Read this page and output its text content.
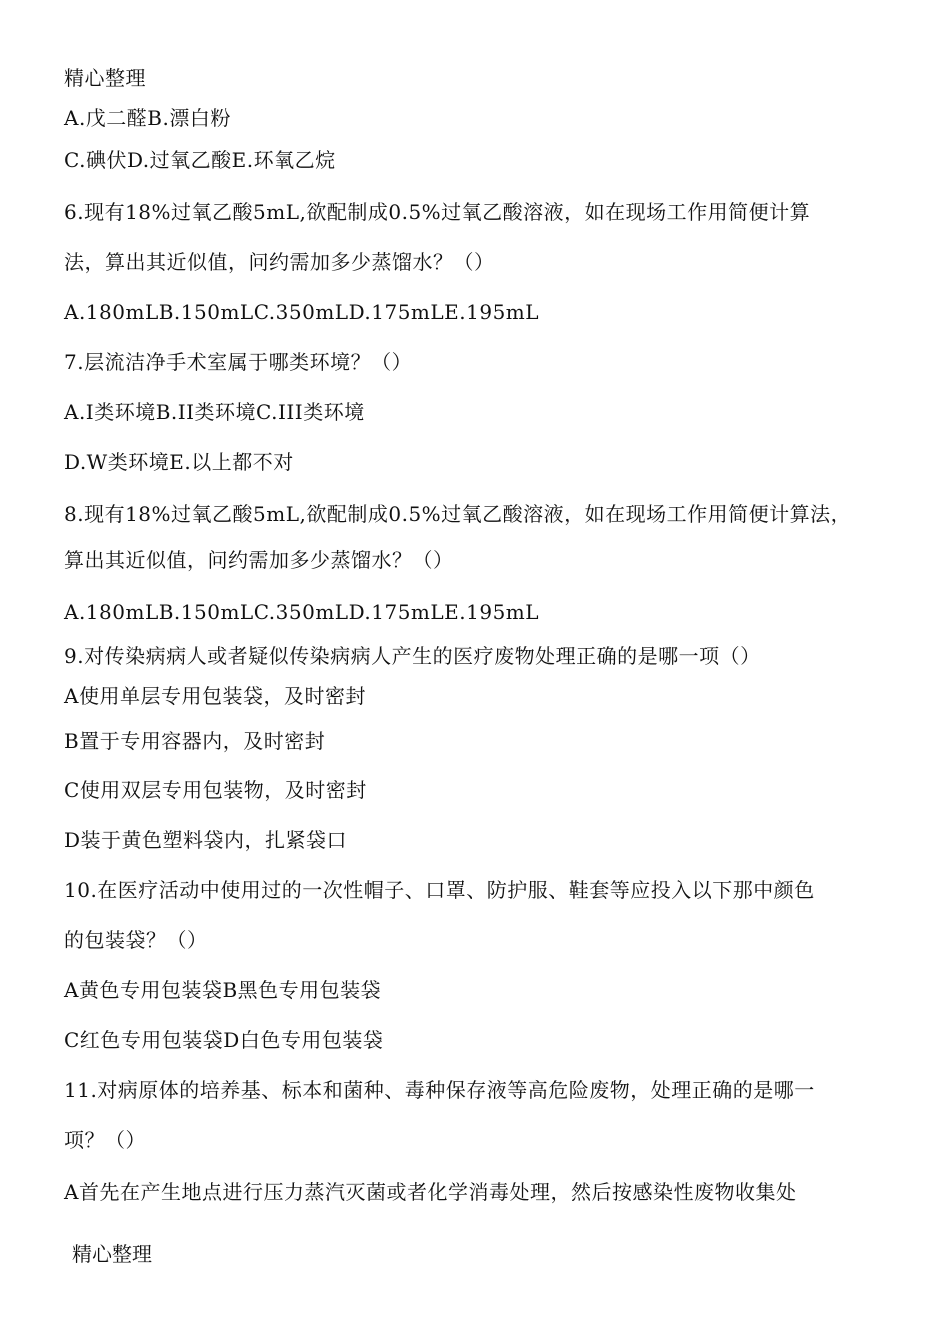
精心整理
A.戊二醛B.漂白粉
C.碘伏D.过氧乙酸E.环氧乙烷
6.现有18%过氧乙酸5mL,欲配制成0.5%过氧乙酸溶液，如在现场工作用简便计算
法，算出其近似值，问约需加多少蒸馏水？（）
A.180mLB.150mLC.350mLD.175mLE.195mL
7.层流洁净手术室属于哪类环境？（）
A.I类环境B.II类环境C.III类环境
D.W类环境E.以上都不对
8.现有18%过氧乙酸5mL,欲配制成0.5%过氧乙酸溶液，如在现场工作用简便计算法，
算出其近似值，问约需加多少蒸馏水？（）
A.180mLB.150mLC.350mLD.175mLE.195mL
9.对传染病病人或者疑似传染病病人产生的医疗废物处理正确的是哪一项（）
A使用单层专用包装袋，及时密封
B置于专用容器内，及时密封
C使用双层专用包装物，及时密封
D装于黄色塑料袋内，扎紧袋口
10.在医疗活动中使用过的一次性帽子、口罩、防护服、鞋套等应投入以下那中颜色
的包装袋？（）
A黄色专用包装袋B黑色专用包装袋
C红色专用包装袋D白色专用包装袋
11.对病原体的培养基、标本和菌种、毒种保存液等高危险废物，处理正确的是哪一
项？（）
A首先在产生地点进行压力蒸汽灭菌或者化学消毒处理，然后按感染性废物收集处
精心整理
